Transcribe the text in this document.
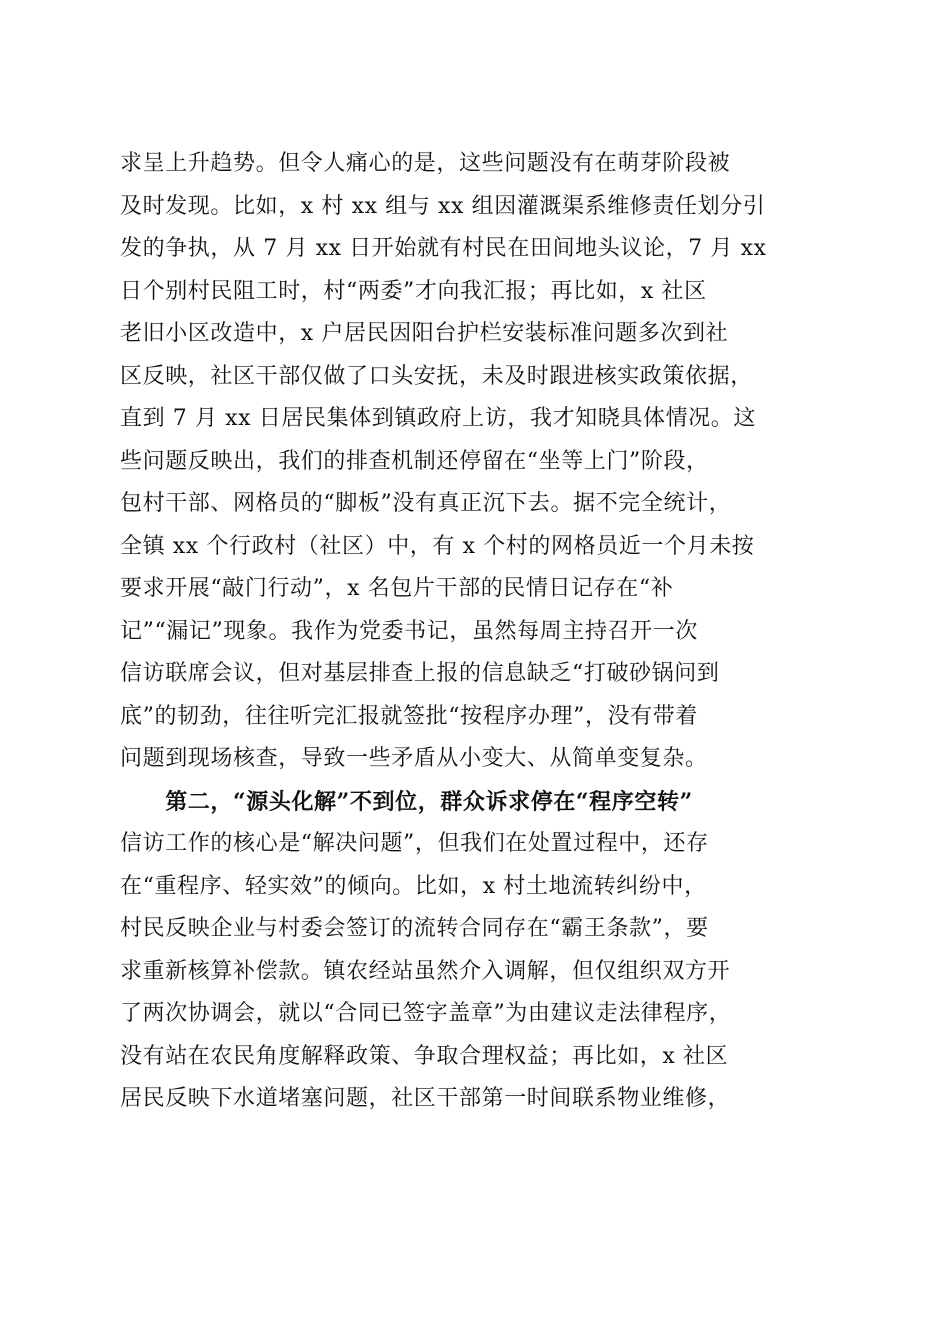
求呈上升趋势。但令人痛心的是，这些问题没有在萌芽阶段被
及时发现。比如，x 村 xx 组与 xx 组因灌溉渠系维修责任划分引
发的争执，从 7 月 xx 日开始就有村民在田间地头议论，7 月 xx
日个别村民阻工时，村“两委”才向我汇报；再比如，x 社区
老旧小区改造中，x 户居民因阳台护栏安装标准问题多次到社
区反映，社区干部仅做了口头安抚，未及时跟进核实政策依据，
直到 7 月 xx 日居民集体到镇政府上访，我才知晓具体情况。这
些问题反映出，我们的排查机制还停留在“坐等上门”阶段，
包村干部、网格员的“脚板”没有真正沉下去。据不完全统计，
全镇 xx 个行政村（社区）中，有 x 个村的网格员近一个月未按
要求开展“敲门行动”，x 名包片干部的民情日记存在“补
记”“漏记”现象。我作为党委书记，虽然每周主持召开一次
信访联席会议，但对基层排查上报的信息缺乏“打破砂锅问到
底”的韧劲，往往听完汇报就签批“按程序办理”，没有带着
问题到现场核查，导致一些矛盾从小变大、从简单变复杂。
　　第二，“源头化解”不到位，群众诉求停在“程序空转”
信访工作的核心是“解决问题”，但我们在处置过程中，还存
在“重程序、轻实效”的倾向。比如，x 村土地流转纠纷中，
村民反映企业与村委会签订的流转合同存在“霸王条款”，要
求重新核算补偿款。镇农经站虽然介入调解，但仅组织双方开
了两次协调会，就以“合同已签字盖章”为由建议走法律程序，
没有站在农民角度解释政策、争取合理权益；再比如，x 社区
居民反映下水道堵塞问题，社区干部第一时间联系物业维修，
